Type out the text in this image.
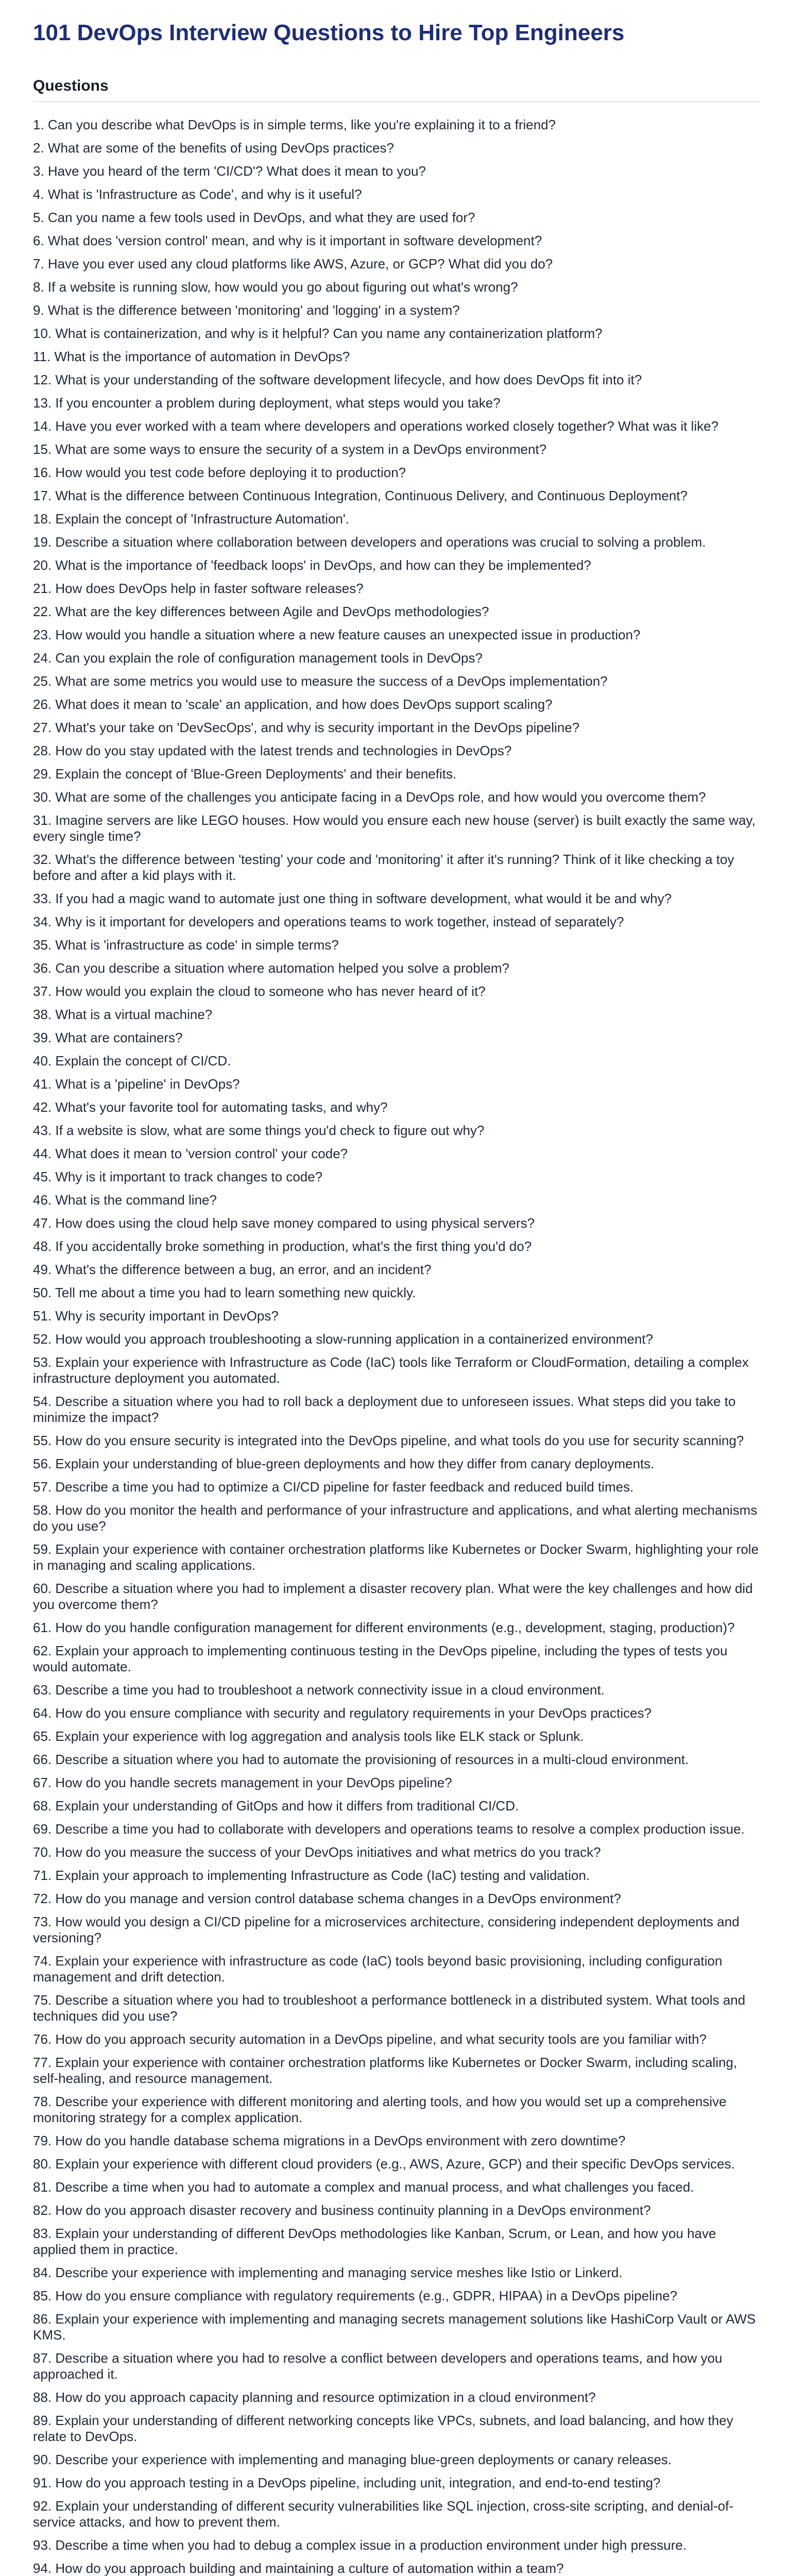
101 DevOps Interview Questions to Hire Top Engineers
Questions
1. Can you describe what DevOps is in simple terms, like you're explaining it to a friend?
2. What are some of the benefits of using DevOps practices?
3. Have you heard of the term 'CI/CD'? What does it mean to you?
4. What is 'Infrastructure as Code', and why is it useful?
5. Can you name a few tools used in DevOps, and what they are used for?
6. What does 'version control' mean, and why is it important in software development?
7. Have you ever used any cloud platforms like AWS, Azure, or GCP? What did you do?
8. If a website is running slow, how would you go about figuring out what's wrong?
9. What is the difference between 'monitoring' and 'logging' in a system?
10. What is containerization, and why is it helpful? Can you name any containerization platform?
11. What is the importance of automation in DevOps?
12. What is your understanding of the software development lifecycle, and how does DevOps fit into it?
13. If you encounter a problem during deployment, what steps would you take?
14. Have you ever worked with a team where developers and operations worked closely together? What was it like?
15. What are some ways to ensure the security of a system in a DevOps environment?
16. How would you test code before deploying it to production?
17. What is the difference between Continuous Integration, Continuous Delivery, and Continuous Deployment?
18. Explain the concept of 'Infrastructure Automation'.
19. Describe a situation where collaboration between developers and operations was crucial to solving a problem.
20. What is the importance of 'feedback loops' in DevOps, and how can they be implemented?
21. How does DevOps help in faster software releases?
22. What are the key differences between Agile and DevOps methodologies?
23. How would you handle a situation where a new feature causes an unexpected issue in production?
24. Can you explain the role of configuration management tools in DevOps?
25. What are some metrics you would use to measure the success of a DevOps implementation?
26. What does it mean to 'scale' an application, and how does DevOps support scaling?
27. What's your take on 'DevSecOps', and why is security important in the DevOps pipeline?
28. How do you stay updated with the latest trends and technologies in DevOps?
29. Explain the concept of 'Blue-Green Deployments' and their benefits.
30. What are some of the challenges you anticipate facing in a DevOps role, and how would you overcome them?
31. Imagine servers are like LEGO houses. How would you ensure each new house (server) is built exactly the same way, every single time?
32. What's the difference between 'testing' your code and 'monitoring' it after it's running? Think of it like checking a toy before and after a kid plays with it.
33. If you had a magic wand to automate just one thing in software development, what would it be and why?
34. Why is it important for developers and operations teams to work together, instead of separately?
35. What is 'infrastructure as code' in simple terms?
36. Can you describe a situation where automation helped you solve a problem?
37. How would you explain the cloud to someone who has never heard of it?
38. What is a virtual machine?
39. What are containers?
40. Explain the concept of CI/CD.
41. What is a 'pipeline' in DevOps?
42. What's your favorite tool for automating tasks, and why?
43. If a website is slow, what are some things you'd check to figure out why?
44. What does it mean to 'version control' your code?
45. Why is it important to track changes to code?
46. What is the command line?
47. How does using the cloud help save money compared to using physical servers?
48. If you accidentally broke something in production, what's the first thing you'd do?
49. What's the difference between a bug, an error, and an incident?
50. Tell me about a time you had to learn something new quickly.
51. Why is security important in DevOps?
52. How would you approach troubleshooting a slow-running application in a containerized environment?
53. Explain your experience with Infrastructure as Code (IaC) tools like Terraform or CloudFormation, detailing a complex infrastructure deployment you automated.
54. Describe a situation where you had to roll back a deployment due to unforeseen issues. What steps did you take to minimize the impact?
55. How do you ensure security is integrated into the DevOps pipeline, and what tools do you use for security scanning?
56. Explain your understanding of blue-green deployments and how they differ from canary deployments.
57. Describe a time you had to optimize a CI/CD pipeline for faster feedback and reduced build times.
58. How do you monitor the health and performance of your infrastructure and applications, and what alerting mechanisms do you use?
59. Explain your experience with container orchestration platforms like Kubernetes or Docker Swarm, highlighting your role in managing and scaling applications.
60. Describe a situation where you had to implement a disaster recovery plan. What were the key challenges and how did you overcome them?
61. How do you handle configuration management for different environments (e.g., development, staging, production)?
62. Explain your approach to implementing continuous testing in the DevOps pipeline, including the types of tests you would automate.
63. Describe a time you had to troubleshoot a network connectivity issue in a cloud environment.
64. How do you ensure compliance with security and regulatory requirements in your DevOps practices?
65. Explain your experience with log aggregation and analysis tools like ELK stack or Splunk.
66. Describe a situation where you had to automate the provisioning of resources in a multi-cloud environment.
67. How do you handle secrets management in your DevOps pipeline?
68. Explain your understanding of GitOps and how it differs from traditional CI/CD.
69. Describe a time you had to collaborate with developers and operations teams to resolve a complex production issue.
70. How do you measure the success of your DevOps initiatives and what metrics do you track?
71. Explain your approach to implementing Infrastructure as Code (IaC) testing and validation.
72. How do you manage and version control database schema changes in a DevOps environment?
73. How would you design a CI/CD pipeline for a microservices architecture, considering independent deployments and versioning?
74. Explain your experience with infrastructure as code (IaC) tools beyond basic provisioning, including configuration management and drift detection.
75. Describe a situation where you had to troubleshoot a performance bottleneck in a distributed system. What tools and techniques did you use?
76. How do you approach security automation in a DevOps pipeline, and what security tools are you familiar with?
77. Explain your experience with container orchestration platforms like Kubernetes or Docker Swarm, including scaling, self-healing, and resource management.
78. Describe your experience with different monitoring and alerting tools, and how you would set up a comprehensive monitoring strategy for a complex application.
79. How do you handle database schema migrations in a DevOps environment with zero downtime?
80. Explain your experience with different cloud providers (e.g., AWS, Azure, GCP) and their specific DevOps services.
81. Describe a time when you had to automate a complex and manual process, and what challenges you faced.
82. How do you approach disaster recovery and business continuity planning in a DevOps environment?
83. Explain your understanding of different DevOps methodologies like Kanban, Scrum, or Lean, and how you have applied them in practice.
84. Describe your experience with implementing and managing service meshes like Istio or Linkerd.
85. How do you ensure compliance with regulatory requirements (e.g., GDPR, HIPAA) in a DevOps pipeline?
86. Explain your experience with implementing and managing secrets management solutions like HashiCorp Vault or AWS KMS.
87. Describe a situation where you had to resolve a conflict between developers and operations teams, and how you approached it.
88. How do you approach capacity planning and resource optimization in a cloud environment?
89. Explain your understanding of different networking concepts like VPCs, subnets, and load balancing, and how they relate to DevOps.
90. Describe your experience with implementing and managing blue-green deployments or canary releases.
91. How do you approach testing in a DevOps pipeline, including unit, integration, and end-to-end testing?
92. Explain your understanding of different security vulnerabilities like SQL injection, cross-site scripting, and denial-of-service attacks, and how to prevent them.
93. Describe a time when you had to debug a complex issue in a production environment under high pressure.
94. How do you approach building and maintaining a culture of automation within a team?
